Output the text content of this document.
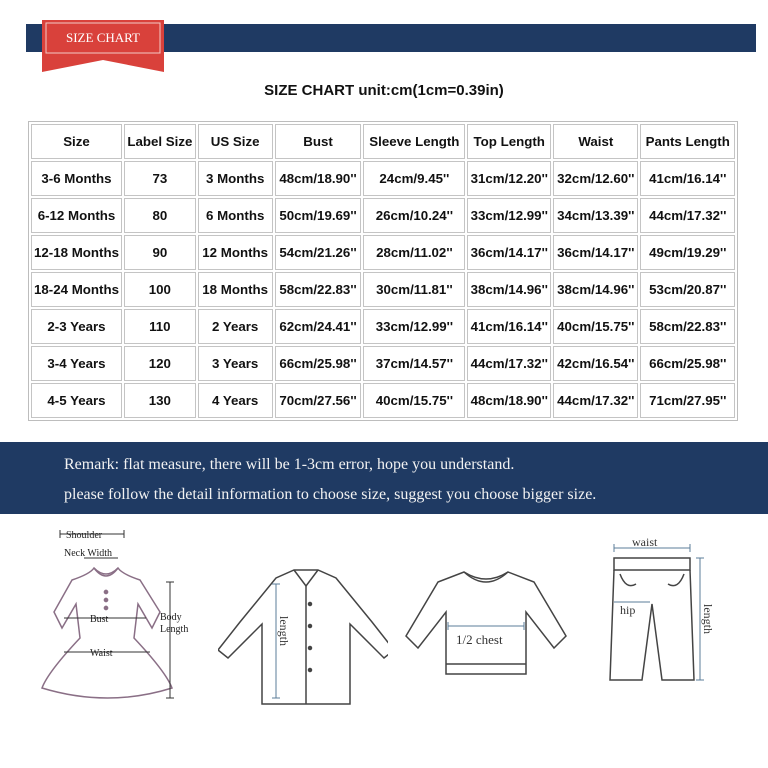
SIZE CHART
SIZE CHART unit:cm(1cm=0.39in)
Size	Label Size	US Size	Bust	Sleeve Length	Top Length	Waist	Pants Length
3-6 Months	73	3 Months	48cm/18.90''	24cm/9.45''	31cm/12.20''	32cm/12.60''	41cm/16.14''
6-12 Months	80	6 Months	50cm/19.69''	26cm/10.24''	33cm/12.99''	34cm/13.39''	44cm/17.32''
12-18 Months	90	12 Months	54cm/21.26''	28cm/11.02''	36cm/14.17''	36cm/14.17''	49cm/19.29''
18-24 Months	100	18 Months	58cm/22.83''	30cm/11.81''	38cm/14.96''	38cm/14.96''	53cm/20.87''
2-3 Years	110	2 Years	62cm/24.41''	33cm/12.99''	41cm/16.14''	40cm/15.75''	58cm/22.83''
3-4 Years	120	3 Years	66cm/25.98''	37cm/14.57''	44cm/17.32''	42cm/16.54''	66cm/25.98''
4-5 Years	130	4 Years	70cm/27.56''	40cm/15.75''	48cm/18.90''	44cm/17.32''	71cm/27.95''
Remark: flat measure, there will be 1-3cm error, hope you understand.
please follow the detail information to choose size, suggest you choose bigger size.
Shoulder
Neck Width
Bust
Waist
Body
Length	length	1/2 chest
waist
hip	length
